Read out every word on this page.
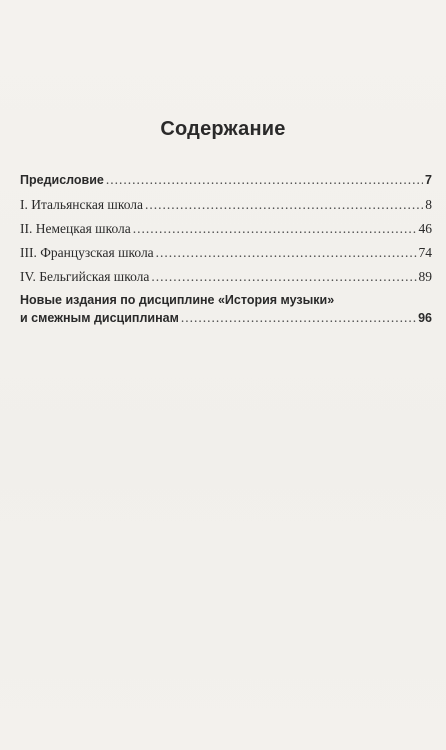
Содержание
Предисловие .....	7
I. Итальянская школа .....	8
II. Немецкая школа .....	46
III. Французская школа .....	74
IV. Бельгийская школа .....	89
Новые издания по дисциплине «История музыки»
и смежным дисциплинам .....	96
